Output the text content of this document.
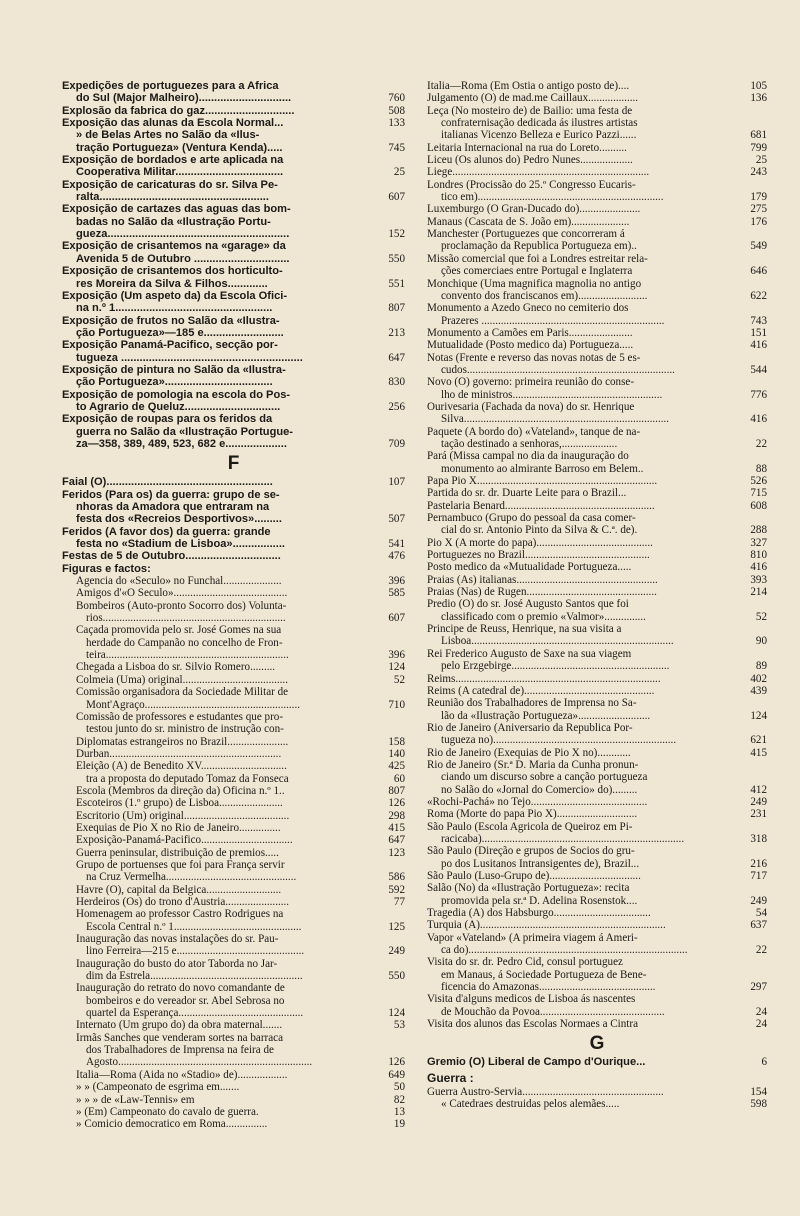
Expedições de portuguezes para a Africa
do Sul (Major Malheiro)..............................	760
Explosão da fabrica do gaz.............................	508
Exposição das alunas da Escola Normal...	133
» de Belas Artes no Salão da «Ilus-
tração Portugueza» (Ventura Kenda).....	745
Exposição de bordados e arte aplicada na
Cooperativa Militar...................................	25
Exposição de caricaturas do sr. Silva Pe-
ralta.......................................................	607
Exposição de cartazes das aguas das bom-
badas no Salão da «Ilustração Portu-
gueza...........................................................	152
Exposição de crisantemos na «garage» da
Avenida 5 de Outubro ...............................	550
Exposição de crisantemos dos horticulto-
res Moreira da Silva & Filhos.............	551
Exposição (Um aspeto da) da Escola Ofici-
na n.º 1...................................................	807
Exposição de frutos no Salão da «Ilustra-
ção Portugueza»—185 e..........................	213
Exposição Panamá-Pacifico, secção por-
tugueza ...........................................................	647
Exposição de pintura no Salão da «Ilustra-
ção Portugueza»...................................	830
Exposição de pomologia na escola do Pos-
to Agrario de Queluz...............................	256
Exposição de roupas para os feridos da
guerra no Salão da «Ilustração Portugue-
za—358, 389, 489, 523, 682 e....................	709
F
Faial (O)......................................................	107
Feridos (Para os) da guerra: grupo de se-
nhoras da Amadora que entraram na
festa dos «Recreios Desportivos».........	507
Feridos (A favor dos) da guerra: grande
festa no «Stadium de Lisboa».................	541
Festas de 5 de Outubro...............................	476
Figuras e factos:
Agencia do «Seculo» no Funchal.....................	396
Amigos d'«O Seculo».........................................	585
Bombeiros (Auto-pronto Socorro dos) Volunta-
rios..................................................................	607
Caçada promovida pelo sr. José Gomes na sua
herdade do Campanão no concelho de Fron-
teira..................................................................	396
Chegada a Lisboa do sr. Silvio Romero.........	124
Colmeia (Uma) original......................................	52
Comissão organisadora da Sociedade Militar de
Mont'Agraço........................................................	710
Comissão de professores e estudantes que pro-
testou junto do sr. ministro de instrução con-
Diplomatas estrangeiros no Brazil......................	158
Durban..............................................................	140
Eleição (A) de Benedito XV...............................	425
tra a proposta do deputado Tomaz da Fonseca	60
Escola (Membros da direção da) Oficina n.º 1..	807
Escoteiros (1.º grupo) de Lisboa.......................	126
Escritorio (Um) original......................................	298
Exequias de Pio X no Rio de Janeiro...............	415
Exposição-Panamá-Pacifico.................................	647
Guerra peninsular, distribuição de premios.....	123
Grupo de portuenses que foi para França servir
na Cruz Vermelha...............................................	586
Havre (O), capital da Belgica...........................	592
Herdeiros (Os) do trono d'Austria.......................	77
Homenagem ao professor Castro Rodrigues na
Escola Central n.º 1..............................................	125
Inauguração das novas instalações do sr. Pau-
lino Ferreira—215 e..............................................	249
Inauguração do busto do ator Taborda no Jar-
dim da Estrela.......................................................	550
Inauguração do retrato do novo comandante de
bombeiros e do vereador sr. Abel Sebrosa no
quartel da Esperança.............................................	124
Internato (Um grupo do) da obra maternal.......	53
Irmãs Sanches que venderam sortes na barraca
dos Trabalhadores de Imprensa na feira de
Agosto......................................................................	126
Italia—Roma (Aida no «Stadio» de)..................	649
» » (Campeonato de esgrima em.......	50
» » » de «Law-Tennis» em	82
» (Em) Campeonato do cavalo de guerra.	13
» Comicio democratico em Roma...............	19
Italia—Roma (Em Ostia o antigo posto de)....	105
Julgamento (O) de mad.me Caillaux..................	136
Leça (No mosteiro de) de Bailio: uma festa de
confraternisação dedicada ás ilustres artistas
italianas Vicenzo Belleza e Eurico Pazzi......	681
Leitaria Internacional na rua do Loreto..........	799
Liceu (Os alunos do) Pedro Nunes...................	25
Liege.......................................................................	243
Londres (Procissão do 25.º Congresso Eucaris-
tico em)...................................................................	179
Luxemburgo (O Gran-Ducado do)......................	275
Manaus (Cascata de S. João em).....................	176
Manchester (Portuguezes que concorreram á
proclamação da Republica Portugueza em)..	549
Missão comercial que foi a Londres estreitar rela-
ções comerciaes entre Portugal e Inglaterra	646
Monchique (Uma magnifica magnolia no antigo
convento dos franciscanos em).........................	622
Monumento a Azedo Gneco no cemiterio dos
Prazeres ..................................................................	743
Monumento a Camões em Paris.......................	151
Mutualidade (Posto medico da) Portugueza.....	416
Notas (Frente e reverso das novas notas de 5 es-
cudos...........................................................................	544
Novo (O) governo: primeira reunião do conse-
lho de ministros......................................................	776
Ourivesaria (Fachada da nova) do sr. Henrique
Silva..........................................................................	416
Paquete (A bordo do) «Vateland», tanque de na-
tação destinado a senhoras,....................	22
Pará (Missa campal no dia da inauguração do
monumento ao almirante Barroso em Belem..	88
Papa Pio X.................................................................	526
Partida do sr. dr. Duarte Leite para o Brazil...	715
Pastelaria Benard......................................................	608
Pernambuco (Grupo do pessoal da casa comer-
cial do sr. Antonio Pinto da Silva & C.ª. de).	288
Pio X (A morte do papa)..........................................	327
Portuguezes no Brazil.............................................	810
Posto medico da «Mutualidade Portugueza.....	416
Praias (As) italianas...................................................	393
Praias (Nas) de Rugen...............................................	214
Predio (O) do sr. José Augusto Santos que foi
classificado com o premio «Valmor»...............	52
Principe de Reuss, Henrique, na sua visita a
Lisboa.........................................................................	90
Rei Frederico Augusto de Saxe na sua viagem
pelo Erzgebirge.........................................................	89
Reims..........................................................................	402
Reims (A catedral de)...............................................	439
Reunião dos Trabalhadores de Imprensa no Sa-
lão da «Ilustração Portugueza»..........................	124
Rio de Janeiro (Aniversario da Republica Por-
tugueza no)..................................................................	621
Rio de Janeiro (Exequias de Pio X no)............	415
Rio de Janeiro (Sr.ª D. Maria da Cunha pronun-
ciando um discurso sobre a canção portugueza
no Salão do «Jornal do Comercio» do).........	412
«Rochi-Pachá» no Tejo..........................................	249
Roma (Morte do papa Pio X).............................	231
São Paulo (Escola Agricola de Queiroz em Pi-
racicaba).........................................................................	318
São Paulo (Direção e grupos de Socios do gru-
po dos Lusitanos Intransigentes de), Brazil...	216
São Paulo (Luso-Grupo de).................................	717
Salão (No) da «Ilustração Portugueza»: recita
promovida pela sr.ª D. Adelina Rosenstok....	249
Tragedia (A) dos Habsburgo...................................	54
Turquia (A)...................................................................	637
Vapor «Vateland» (A primeira viagem á Ameri-
ca do)...............................................................................	22
Visita do sr. dr. Pedro Cid, consul portuguez
em Manaus, á Sociedade Portugueza de Bene-
ficencia do Amazonas..........................................	297
Visita d'alguns medicos de Lisboa ás nascentes
de Mouchão da Povoa.............................................	24
Visita dos alunos das Escolas Normaes a Cintra	24
G
Gremio (O) Liberal de Campo d'Ourique...	6
Guerra :
Guerra Austro-Servia...................................................	154
« Catedraes destruidas pelos alemães.....	598
